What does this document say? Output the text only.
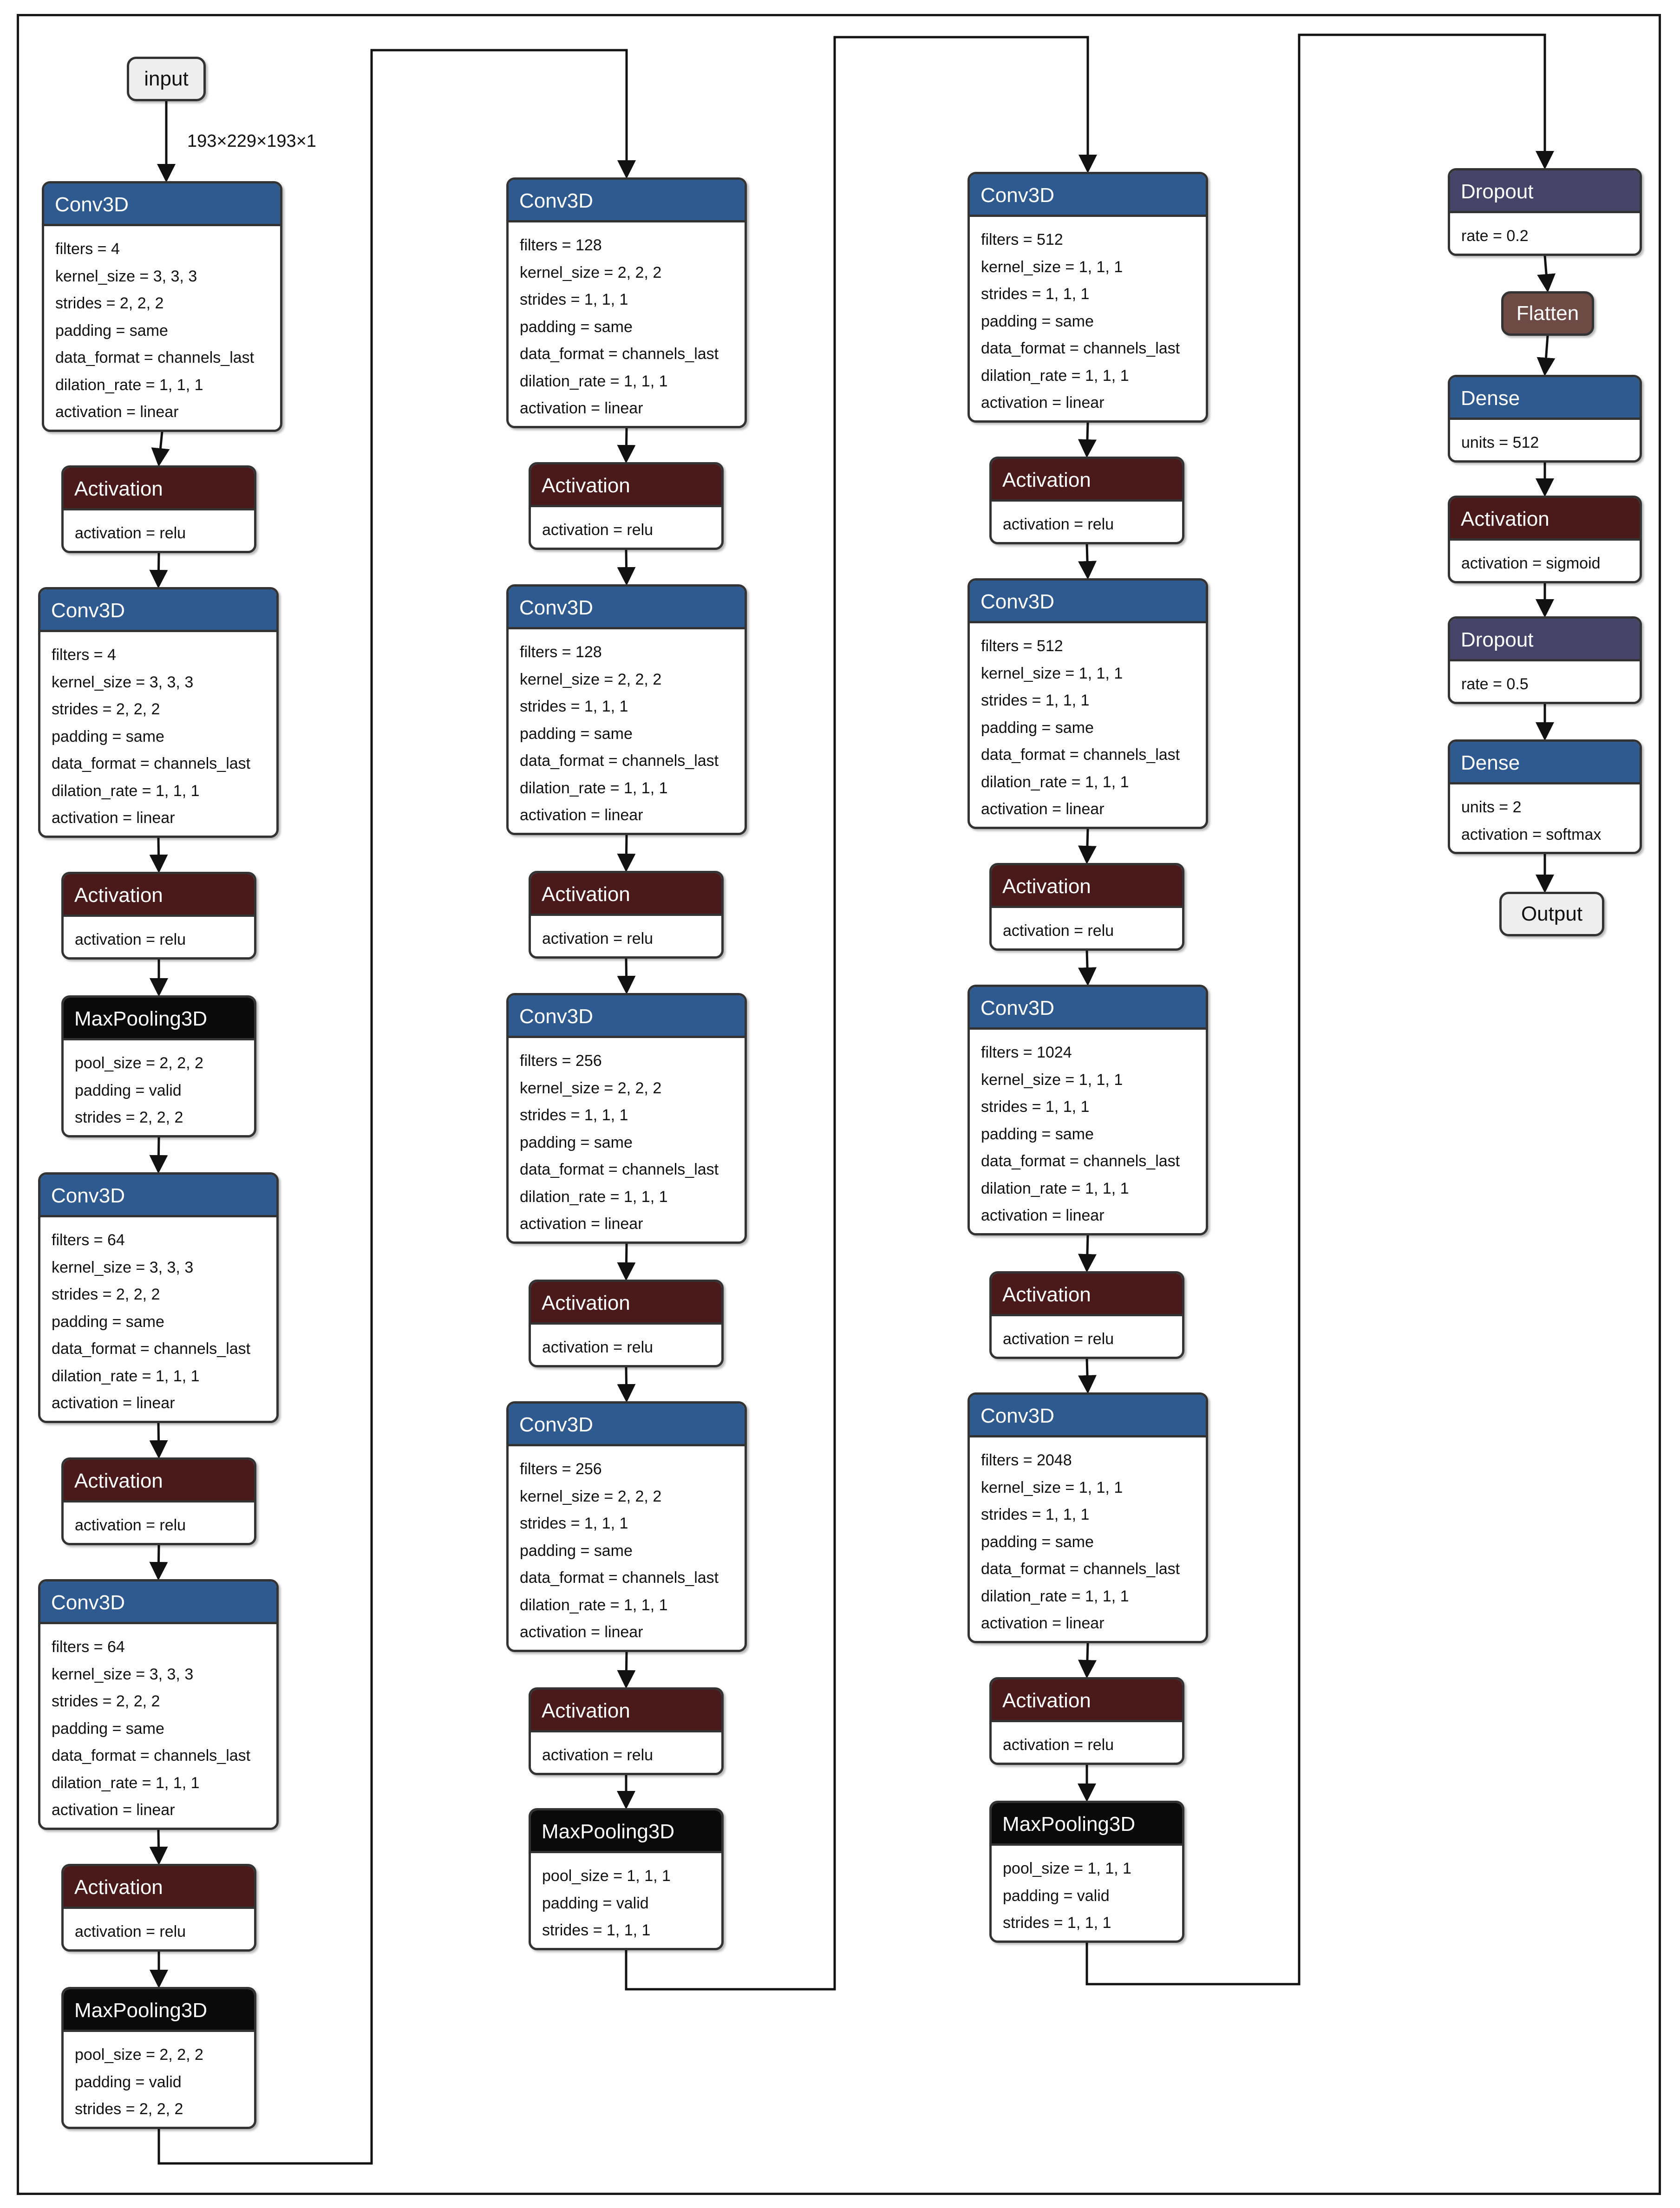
input
193×229×193×1
Conv3D
filters = 4
kernel_size = 3, 3, 3
strides = 2, 2, 2
padding = same
data_format = channels_last
dilation_rate = 1, 1, 1
activation = linear
Activation
activation = relu
Conv3D
filters = 4
kernel_size = 3, 3, 3
strides = 2, 2, 2
padding = same
data_format = channels_last
dilation_rate = 1, 1, 1
activation = linear
Activation
activation = relu
MaxPooling3D
pool_size = 2, 2, 2
padding = valid
strides = 2, 2, 2
Conv3D
filters = 64
kernel_size = 3, 3, 3
strides = 2, 2, 2
padding = same
data_format = channels_last
dilation_rate = 1, 1, 1
activation = linear
Activation
activation = relu
Conv3D
filters = 64
kernel_size = 3, 3, 3
strides = 2, 2, 2
padding = same
data_format = channels_last
dilation_rate = 1, 1, 1
activation = linear
Activation
activation = relu
MaxPooling3D
pool_size = 2, 2, 2
padding = valid
strides = 2, 2, 2
Conv3D
filters = 128
kernel_size = 2, 2, 2
strides = 1, 1, 1
padding = same
data_format = channels_last
dilation_rate = 1, 1, 1
activation = linear
Activation
activation = relu
Conv3D
filters = 128
kernel_size = 2, 2, 2
strides = 1, 1, 1
padding = same
data_format = channels_last
dilation_rate = 1, 1, 1
activation = linear
Activation
activation = relu
Conv3D
filters = 256
kernel_size = 2, 2, 2
strides = 1, 1, 1
padding = same
data_format = channels_last
dilation_rate = 1, 1, 1
activation = linear
Activation
activation = relu
Conv3D
filters = 256
kernel_size = 2, 2, 2
strides = 1, 1, 1
padding = same
data_format = channels_last
dilation_rate = 1, 1, 1
activation = linear
Activation
activation = relu
MaxPooling3D
pool_size = 1, 1, 1
padding = valid
strides = 1, 1, 1
Conv3D
filters = 512
kernel_size = 1, 1, 1
strides = 1, 1, 1
padding = same
data_format = channels_last
dilation_rate = 1, 1, 1
activation = linear
Activation
activation = relu
Conv3D
filters = 512
kernel_size = 1, 1, 1
strides = 1, 1, 1
padding = same
data_format = channels_last
dilation_rate = 1, 1, 1
activation = linear
Activation
activation = relu
Conv3D
filters = 1024
kernel_size = 1, 1, 1
strides = 1, 1, 1
padding = same
data_format = channels_last
dilation_rate = 1, 1, 1
activation = linear
Activation
activation = relu
Conv3D
filters = 2048
kernel_size = 1, 1, 1
strides = 1, 1, 1
padding = same
data_format = channels_last
dilation_rate = 1, 1, 1
activation = linear
Activation
activation = relu
MaxPooling3D
pool_size = 1, 1, 1
padding = valid
strides = 1, 1, 1
Dropout
rate = 0.2
Flatten
Dense
units = 512
Activation
activation = sigmoid
Dropout
rate = 0.5
Dense
units = 2
activation = softmax
Output
